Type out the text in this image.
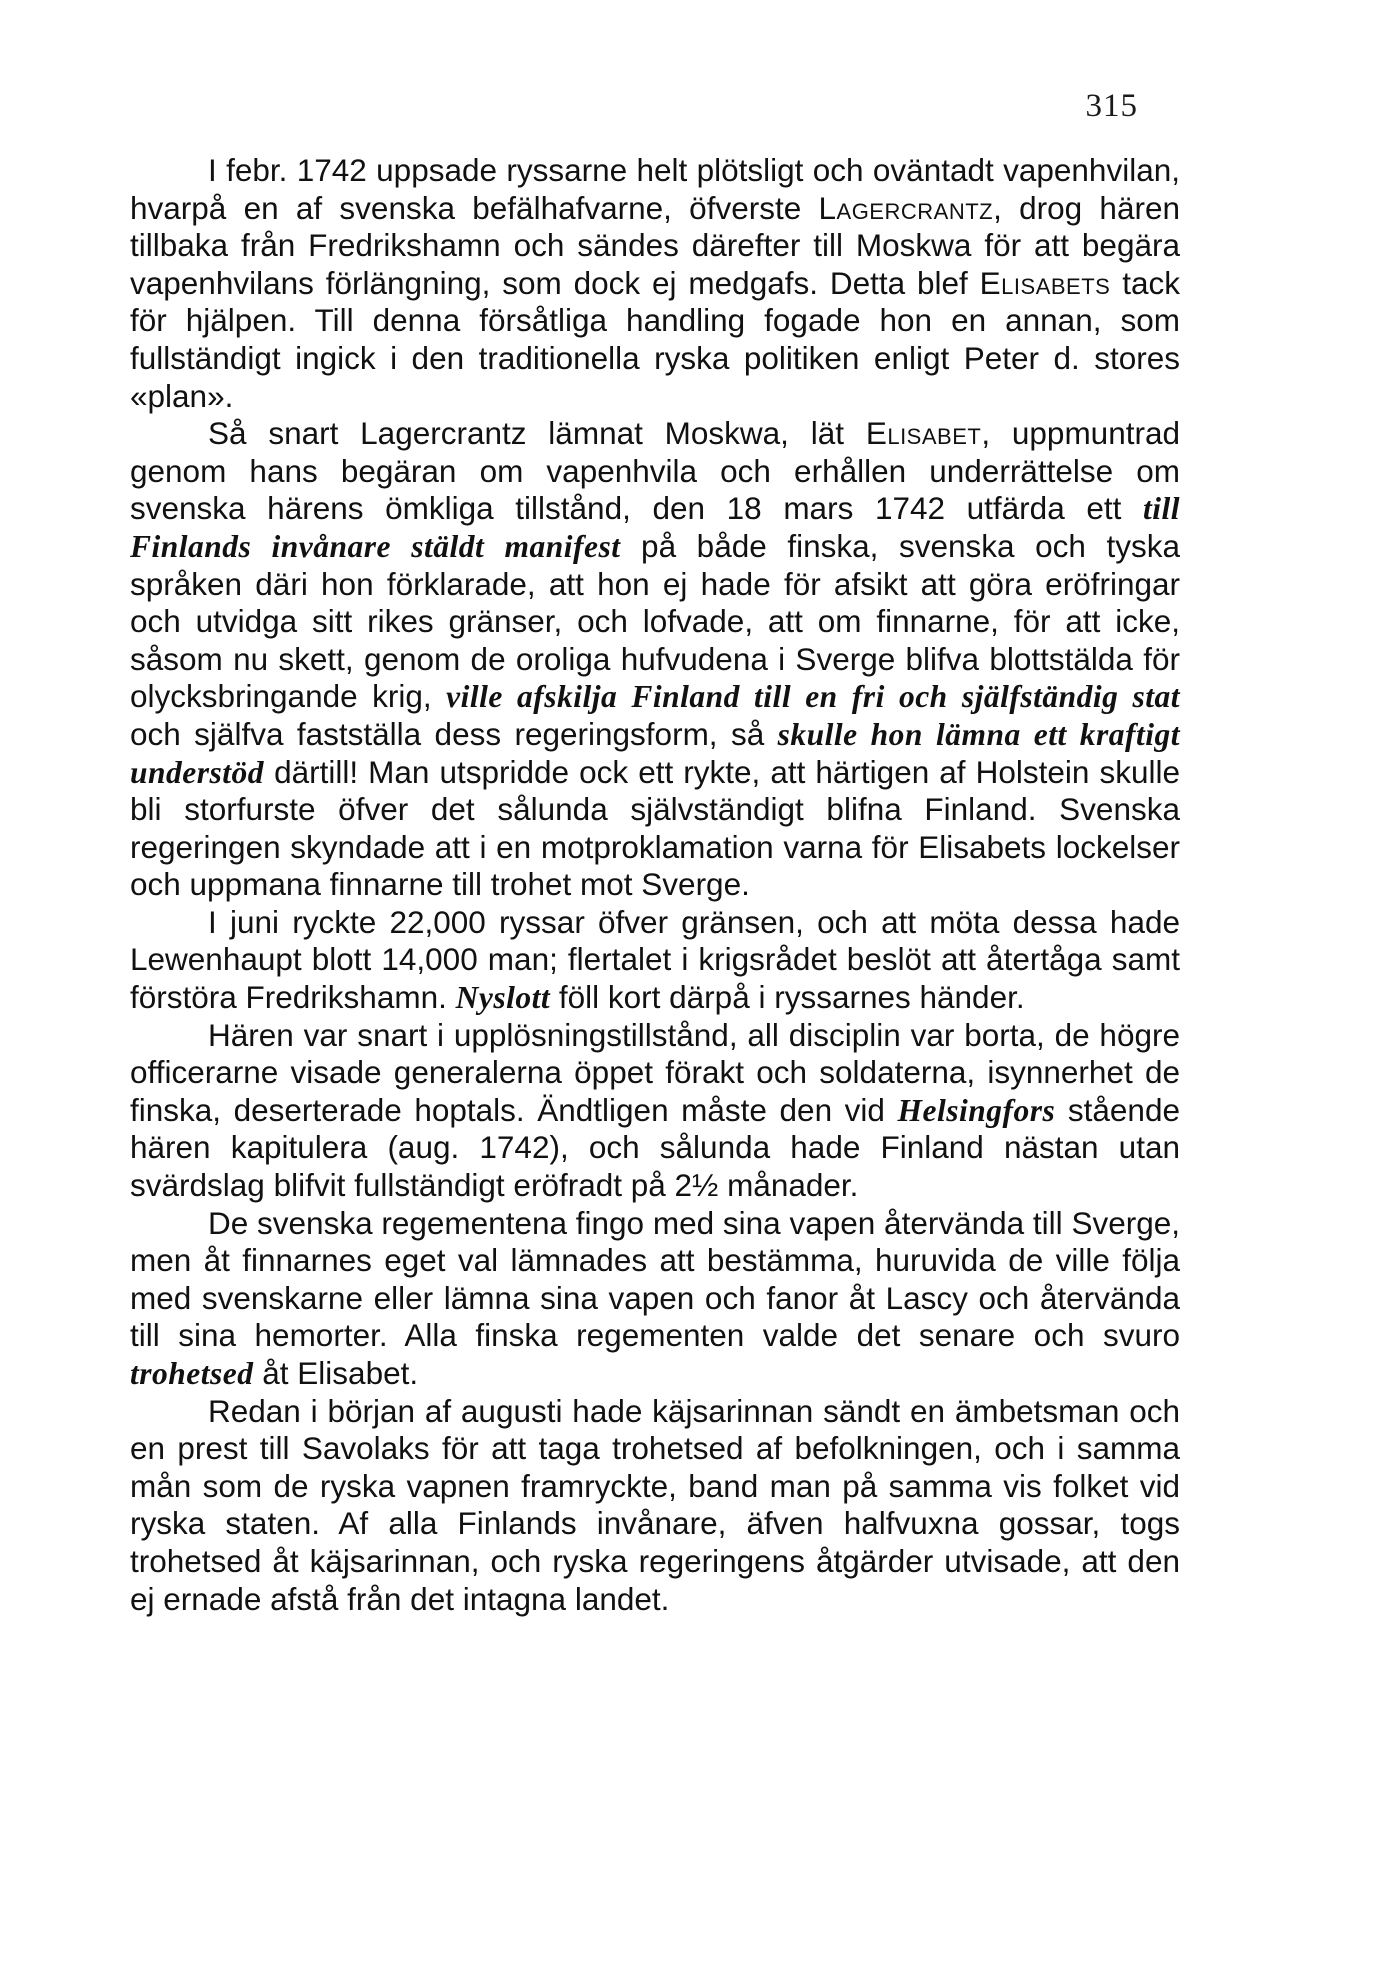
315

I febr. 1742 uppsade ryssarne helt plötsligt och oväntadt vapenhvilan, hvarpå en af svenska befälhafvarne, öfverste Lagercrantz, drog hären tillbaka från Fredrikshamn och sändes därefter till Moskwa för att begära vapenhvilans förlängning, som dock ej medgafs. Detta blef Elisabets tack för hjälpen. Till denna försåtliga handling fogade hon en annan, som fullständigt ingick i den traditionella ryska politiken enligt Peter d. stores «plan».

Så snart Lagercrantz lämnat Moskwa, lät Elisabet, uppmuntrad genom hans begäran om vapenhvila och erhållen underrättelse om svenska härens ömkliga tillstånd, den 18 mars 1742 utfärda ett till Finlands invånare stäldt manifest på både finska, svenska och tyska språken däri hon förklarade, att hon ej hade för afsikt att göra eröfringar och utvidga sitt rikes gränser, och lofvade, att om finnarne, för att icke, såsom nu skett, genom de oroliga hufvudena i Sverge blifva blottstälda för olycksbringande krig, ville afskilja Finland till en fri och själfständig stat och själfva fastställa dess regeringsform, så skulle hon lämna ett kraftigt understöd därtill! Man utspridde ock ett rykte, att härtigen af Holstein skulle bli storfurste öfver det sålunda självständigt blifna Finland. Svenska regeringen skyndade att i en motproklamation varna för Elisabets lockelser och uppmana finnarne till trohet mot Sverge.

I juni ryckte 22,000 ryssar öfver gränsen, och att möta dessa hade Lewenhaupt blott 14,000 man; flertalet i krigsrådet beslöt att återtåga samt förstöra Fredrikshamn. Nyslott föll kort därpå i ryssarnes händer.

Hären var snart i upplösningstillstånd, all disciplin var borta, de högre officerarne visade generalerna öppet förakt och soldaterna, isynnerhet de finska, deserterade hoptals. Ändtligen måste den vid Helsingfors stående hären kapitulera (aug. 1742), och sålunda hade Finland nästan utan svärdslag blifvit fullständigt eröfradt på 2½ månader.

De svenska regementena fingo med sina vapen återvända till Sverge, men åt finnarnes eget val lämnades att bestämma, huruvida de ville följa med svenskarne eller lämna sina vapen och fanor åt Lascy och återvända till sina hemorter. Alla finska regementen valde det senare och svuro trohetsed åt Elisabet.

Redan i början af augusti hade käjsarinnan sändt en ämbetsman och en prest till Savolaks för att taga trohetsed af befolkningen, och i samma mån som de ryska vapnen framryckte, band man på samma vis folket vid ryska staten. Af alla Finlands invånare, äfven halfvuxna gossar, togs trohetsed åt käjsarinnan, och ryska regeringens åtgärder utvisade, att den ej ernade afstå från det intagna landet.
